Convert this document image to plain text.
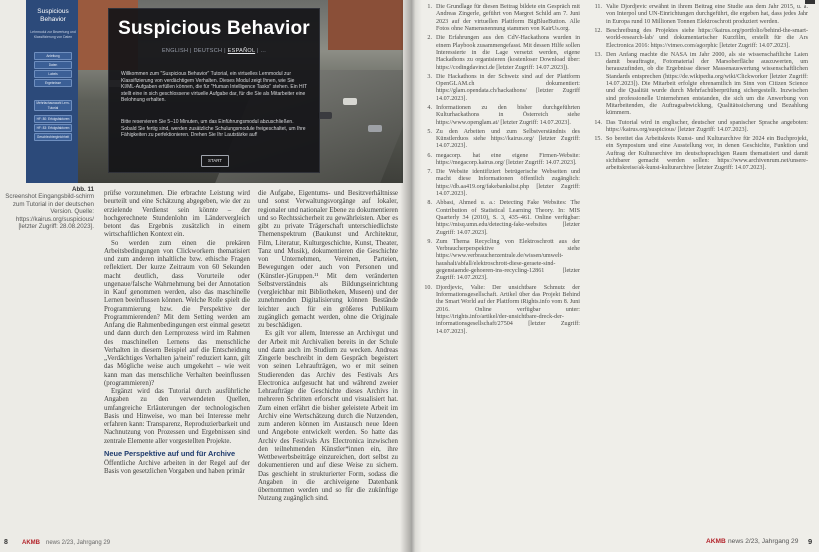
Suspicious Behavior
Lehrmodul zur Bewertung und Klassifizierung von Daten
Anleitung
Daten
Labels
Ergebnisse
Mehrfachauswahl Lern-Tutorial
HF: 80: Erfolgsfaktoren
HF: 83: Erfolgsfaktoren
Geschlechtergleichheit
Suspicious Behavior
ENGLISH | DEUTSCH | ESPAÑOL | ...
Willkommen zum "Suspicious Behavior" Tutorial, ein virtuelles Lernmodul zur Klassifizierung von verdächtigem Verhalten. Dieses Modul zeigt Ihnen, wie Sie KI/ML-Aufgaben erfüllen können, die für "Human Intelligence Tasks" stehen. Ein HIT stellt eine in sich geschlossene virtuelle Aufgabe dar, für die Sie als Mitarbeiter eine Belohnung erhalten.
Bitte reservieren Sie 5–10 Minuten, um das Einführungsmodul abzuschließen. Sobald Sie fertig sind, werden zusätzliche Schulungsmodule freigeschaltet, um Ihre Fähigkeiten zu perfektionieren. Drehen Sie Ihr Lautstärke auf!
START
Abb. 11
Screenshot Eingangsbild-schirm zum Tutorial in der deutschen Version. Quelle: https://kairus.org/suspicious/ [letzter Zugriff: 28.08.2023].

prüfse vorzunehmen. Die erbrachte Leistung wird beurteilt und eine Schätzung abgegeben, wie der zu erzielende Verdienst sein könnte – der hochgerechnete Stundenlohn im Ländervergleich betont das Ergebnis zusätzlich in einem wirtschaftlichen Kontext ein.

So werden zum einen die prekären Arbeitsbedingungen von Clickworkern thematisiert und zum anderen inhaltliche bzw. ethische Fragen reflektiert. Der kurze Zeitraum von 60 Sekunden macht deutlich, dass Vorurteile oder ungenaue/falsche Wahrnehmung bei der Annotation in Kauf genommen werden, also das maschinelle Lernen beeinflussen können. Welche Rolle spielt die Programmierung bzw. die Perspektive der Programmierenden? Mit dem Setting werden am Anfang die Rahmenbedingungen erst einmal gesetzt und dann durch den Lernprozess wird im Rahmen des maschinellen Lernens das menschliche Verhalten in diesem Beispiel auf die Entscheidung „Verdächtiges Verhalten ja/nein" reduziert kann, gilt das Mögliche weise auch umgekehrt – wie weit kann man das menschliche Verhalten beeinflussen (programmieren)?

Ergänzt wird das Tutorial durch ausführliche Angaben zu den verwendeten Quellen, umfangreiche Erläuterungen der technologischen Basis und Hinweise, wo man bei Interesse mehr erfahren kann: Transparenz, Reproduzierbarkeit und Nachnutzung von Prozessen und Ergebnissen sind zentrale Elemente aller vorgestellten Projekte.

Neue Perspektive auf und für Archive

Öffentliche Archive arbeiten in der Regel auf der Basis von gesetzlichen Vorgaben und haben primär

die Aufgabe, Eigentums- und Besitzverhältnisse und sonst Verwaltungsvorgänge auf lokaler, regionaler und nationaler Ebene zu dokumentieren und so Rechtssicherheit zu gewährleisten. Aber es gibt zu private Trägerschaft unterschiedlichste Themenspektrum (Baukunst und Architektur, Film, Literatur, Kulturgeschichte, Kunst, Theater, Tanz und Musik), dokumentieren die Geschichte von Unternehmen, Vereinen, Parteien, Bewegungen oder auch von Personen und (Künstler-)Gruppen.¹¹ Mit dem veränderten Selbstverständnis als Bildungseinrichtung (vergleichbar mit Bibliotheken, Museen) und der zunehmenden Digitalisierung können Bestände leichter auch für ein größeres Publikum zugänglich gemacht werden, ohne die Originale zu beschädigen.

Es gilt vor allem, Interesse an Archivgut und der Arbeit mit Archivalien bereits in der Schule und dann auch im Studium zu wecken. Andreas Zingerle beschreibt in dem Gespräch begeistert von seinen Lehraufträgen, wo er mit seinen Studierenden das Archiv des Festivals Ars Electronica aufgesucht hat und während zweier Lehraufträge die Geschichte dieses Archivs in mehreren Schritten erforscht und visualisiert hat. Zum einen erfährt die bisher geleistete Arbeit im Archiv eine Wertschätzung durch die Nutzenden, zum anderen können im Austausch neue Ideen und Angebote entwickelt werden. So hatte das Archiv des Festivals Ars Electronica inzwischen den teilnehmenden Künstler*innen ein, ihre Wettbewerbsbeiträge einzureichen, dort selbst zu dokumentieren und auf diese Weise zu sichern. Das geschieht in strukturierter Form, sodass die Angaben in die archiveigene Datenbank übernommen werden und so für die zukünftige Nutzung zugänglich sind.

8 AKMB news 2/23, Jahrgang 29	AKMB news 2/23, Jahrgang 29 9
1. Die Grundlage für diesen Beitrag bildete ein Gespräch mit Andreas Zingerle, geführt von Margret Schild am 7. Juni 2023 auf der virtuellen Plattform BigBlueButton. Alle Fotos ohne Namensnennung stammen von KairUs.org.
2. Die Erfahrungen aus den CdV-Hackathons wurden in einem Playbook zusammengefasst. Mit dessen Hilfe sollen Interessierte in die Lage versetzt werden, eigene Hackathons zu organisieren (kostenloser Download über: https://codingdavinci.de [letzter Zugriff: 14.07.2023]).
3. Die Hackathons in der Schweiz sind auf der Plattform OpenGLAM.ch dokumentiert: https://glam.opendata.ch/hackathons/ [letzter Zugriff 14.07.2023].
4. Informationen zu den bisher durchgeführten Kulturhackathons in Österreich siehe https://www.openglam.at/ [letzter Zugriff: 14.07.2023].
5. Zu den Arbeiten und zum Selbstverständnis des Künstlerduos siehe https://kairus.org/ [letzter Zugriff: 14.07.2023].
6. megacorp. hat eine eigene Firmen-Website: https://megacorp.kairus.org/ [letzter Zugriff: 14.07.2023].
7. Die Website identifiziert betrügerische Webseiten und macht diese Informationen öffentlich zugänglich: https://db.aa419.org/fakebankslist.php [letzter Zugriff: 14.07.2023].
8. Abbasi, Ahmed u. a.: Detecting Fake Websites: The Contribution of Statistical Learning Theory. In: MIS Quarterly 34 (2010), S. 3, 435–461. Online verfügbar: https://misq.umn.edu/detecting-fake-websites [letzter Zugriff: 14.07.2023].
9. Zum Thema Recycling von Elektroschrott aus der Verbraucherperspektive siehe https://www.verbraucherzentrale.de/wissen/umwelt-haushalt/abfall/elektroschrott-diese-geraete-sind-gegenstaende-gehoeren-ins-recycling-12861 [letzter Zugriff: 14.07.2023].
10. Djordjevic, Valie: Der unsichtbare Schmutz der Informationsgesellschaft. Artikel über das Projekt Behind the Smart World auf der Plattform iRights.info vom 8. Juni 2016. Online verfügbar unter: https://irights.info/artikel/der-unsichtbare-dreck-der-informationsgesellschaft/27504 [letzter Zugriff: 14.07.2023].
11. Valie Djordjevic erwähnt in ihrem Beitrag eine Studie aus dem Jahr 2015, u. a. von Interpol und UN-Einrichtungen durchgeführt, die ergeben hat, dass jedes Jahr in Europa rund 10 Millionen Tonnen Elektroschrott produziert werden.
12. Beschreibung des Projektes siehe https://kairus.org/portfolio/behind-the-smart-world-research-lab/ und dokumentarischer Kurzfilm, erstellt für die Ars Electronica 2016: https://vimeo.com/agorphic [letzter Zugriff: 14.07.2023].
13. Den Anfang machte die NASA im Jahr 2000, als sie wissenschaftliche Laien damit beauftragte, Fotomaterial der Marsoberfläche auszuwerten, um herauszufinden, ob die Ergebnisse dieser Massenauswertung wissenschaftlichen Standards entsprechen (https://de.wikipedia.org/wiki/Clickworker [letzter Zugriff: 14.07.2023]). Die Mitarbeit erfolgte ehrenamtlich im Sinn von Citizen Science und die Qualität wurde durch Mehrfachüberprüfung sichergestellt. Inzwischen sind professionelle Unternehmen entstanden, die sich um die Anwerbung von Mitarbeitenden, die Auftragsabwicklung, Qualitätssicherung und Bezahlung kümmern.
14. Das Tutorial wird in englischer, deutscher und spanischer Sprache angeboten: https://kairus.org/suspicious/ [letzter Zugriff: 14.07.2023].
15. So bereitet das Arbeitskreis Kunst- und Kulturarchive für 2024 ein Buchprojekt, ein Symposium und eine Ausstellung vor, in denen Geschichte, Funktion und Auftrag der Kulturarchive im deutschsprachigen Raum thematisiert und damit sichtbarer gemacht werden sollen: https://www.archivenrum.net/unsere-arbeitskreise/ak-kunst-kulturarchive [letzter Zugriff: 14.07.2023].
